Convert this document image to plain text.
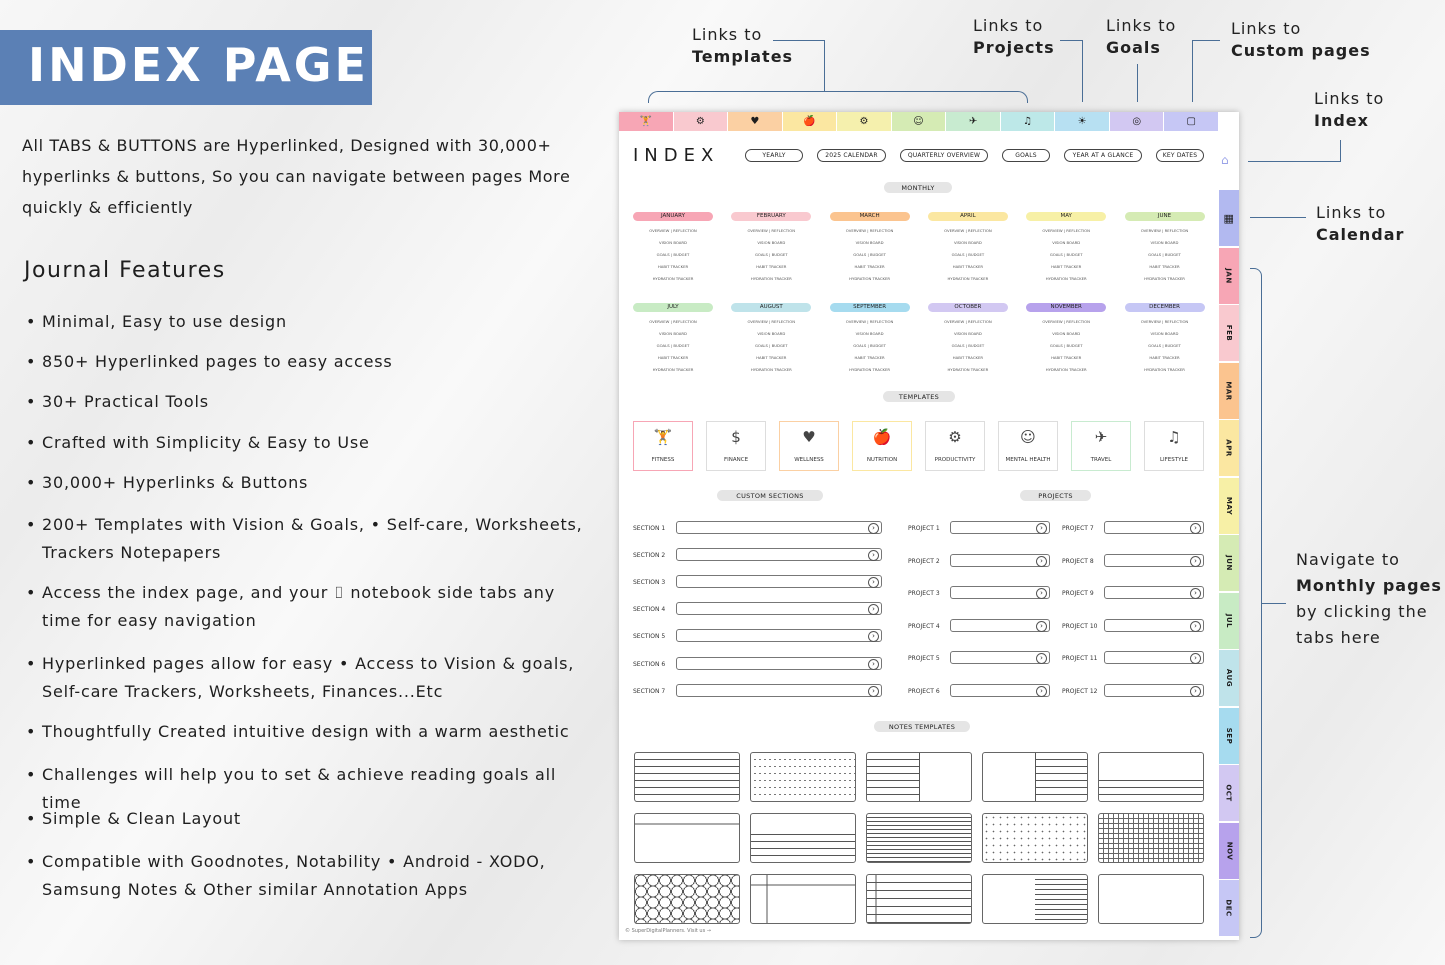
INDEX PAGE

All TABS & BUTTONS are Hyperlinked, Designed with 30,000+ hyperlinks & buttons, So you can navigate between pages More quickly & efficiently

Journal Features
• Minimal, Easy to use design
• 850+ Hyperlinked pages to easy access
• 30+ Practical Tools
• Crafted with Simplicity & Easy to Use
• 30,000+ Hyperlinks & Buttons
• 200+ Templates with Vision & Goals, • Self-care, Worksheets, Trackers Notepapers
• Access the index page, and your ⌷ notebook side tabs any time for easy navigation
• Hyperlinked pages allow for easy • Access to Vision & goals, Self-care Trackers, Worksheets, Finances...Etc
• Thoughtfully Created intuitive design with a warm aesthetic
• Challenges will help you to set & achieve reading goals all time
• Simple & Clean Layout
• Compatible with Goodnotes, Notability • Android - XODO, Samsung Notes & Other similar Annotation Apps
Links to
Templates
Links to
Projects
Links to
Goals
Links to
Custom pages
Links to
Index
Links to
Calendar
Navigate to
Monthly pages
by clicking the
tabs here
🏋	⚙	♥	🍎	⚙	☺	✈	♫	☀	◎	▢
INDEX	YEARLY	2025 CALENDAR	QUARTERLY OVERVIEW	GOALS	YEAR AT A GLANCE	KEY DATES	⌂
MONTHLY
JANUARY
OVERVIEW | REFLECTION
VISION BOARD
GOALS | BUDGET
HABIT TRACKER
HYDRATION TRACKER
FEBRUARY
OVERVIEW | REFLECTION
VISION BOARD
GOALS | BUDGET
HABIT TRACKER
HYDRATION TRACKER
MARCH
OVERVIEW | REFLECTION
VISION BOARD
GOALS | BUDGET
HABIT TRACKER
HYDRATION TRACKER
APRIL
OVERVIEW | REFLECTION
VISION BOARD
GOALS | BUDGET
HABIT TRACKER
HYDRATION TRACKER
MAY
OVERVIEW | REFLECTION
VISION BOARD
GOALS | BUDGET
HABIT TRACKER
HYDRATION TRACKER
JUNE
OVERVIEW | REFLECTION
VISION BOARD
GOALS | BUDGET
HABIT TRACKER
HYDRATION TRACKER
JULY
OVERVIEW | REFLECTION
VISION BOARD
GOALS | BUDGET
HABIT TRACKER
HYDRATION TRACKER
AUGUST
OVERVIEW | REFLECTION
VISION BOARD
GOALS | BUDGET
HABIT TRACKER
HYDRATION TRACKER
SEPTEMBER
OVERVIEW | REFLECTION
VISION BOARD
GOALS | BUDGET
HABIT TRACKER
HYDRATION TRACKER
OCTOBER
OVERVIEW | REFLECTION
VISION BOARD
GOALS | BUDGET
HABIT TRACKER
HYDRATION TRACKER
NOVEMBER
OVERVIEW | REFLECTION
VISION BOARD
GOALS | BUDGET
HABIT TRACKER
HYDRATION TRACKER
DECEMBER
OVERVIEW | REFLECTION
VISION BOARD
GOALS | BUDGET
HABIT TRACKER
HYDRATION TRACKER
TEMPLATES
🏋
FITNESS
$
FINANCE
♥
WELLNESS
🍎
NUTRITION
⚙
PRODUCTIVITY
☺
MENTAL HEALTH
✈
TRAVEL
♫
LIFESTYLE
CUSTOM SECTIONS	PROJECTS
SECTION 1
›
SECTION 2
›
SECTION 3
›
SECTION 4
›
SECTION 5
›
SECTION 6
›
SECTION 7
›
PROJECT 1
›
PROJECT 2
›
PROJECT 3
›
PROJECT 4
›
PROJECT 5
›
PROJECT 6
›
PROJECT 7
›
PROJECT 8
›
PROJECT 9
›
PROJECT 10
›
PROJECT 11
›
PROJECT 12
›
NOTES TEMPLATES
© SuperDigitalPlanners. Visit us →
▦
JAN
FEB
MAR
APR
MAY
JUN
JUL
AUG
SEP
OCT
NOV
DEC
